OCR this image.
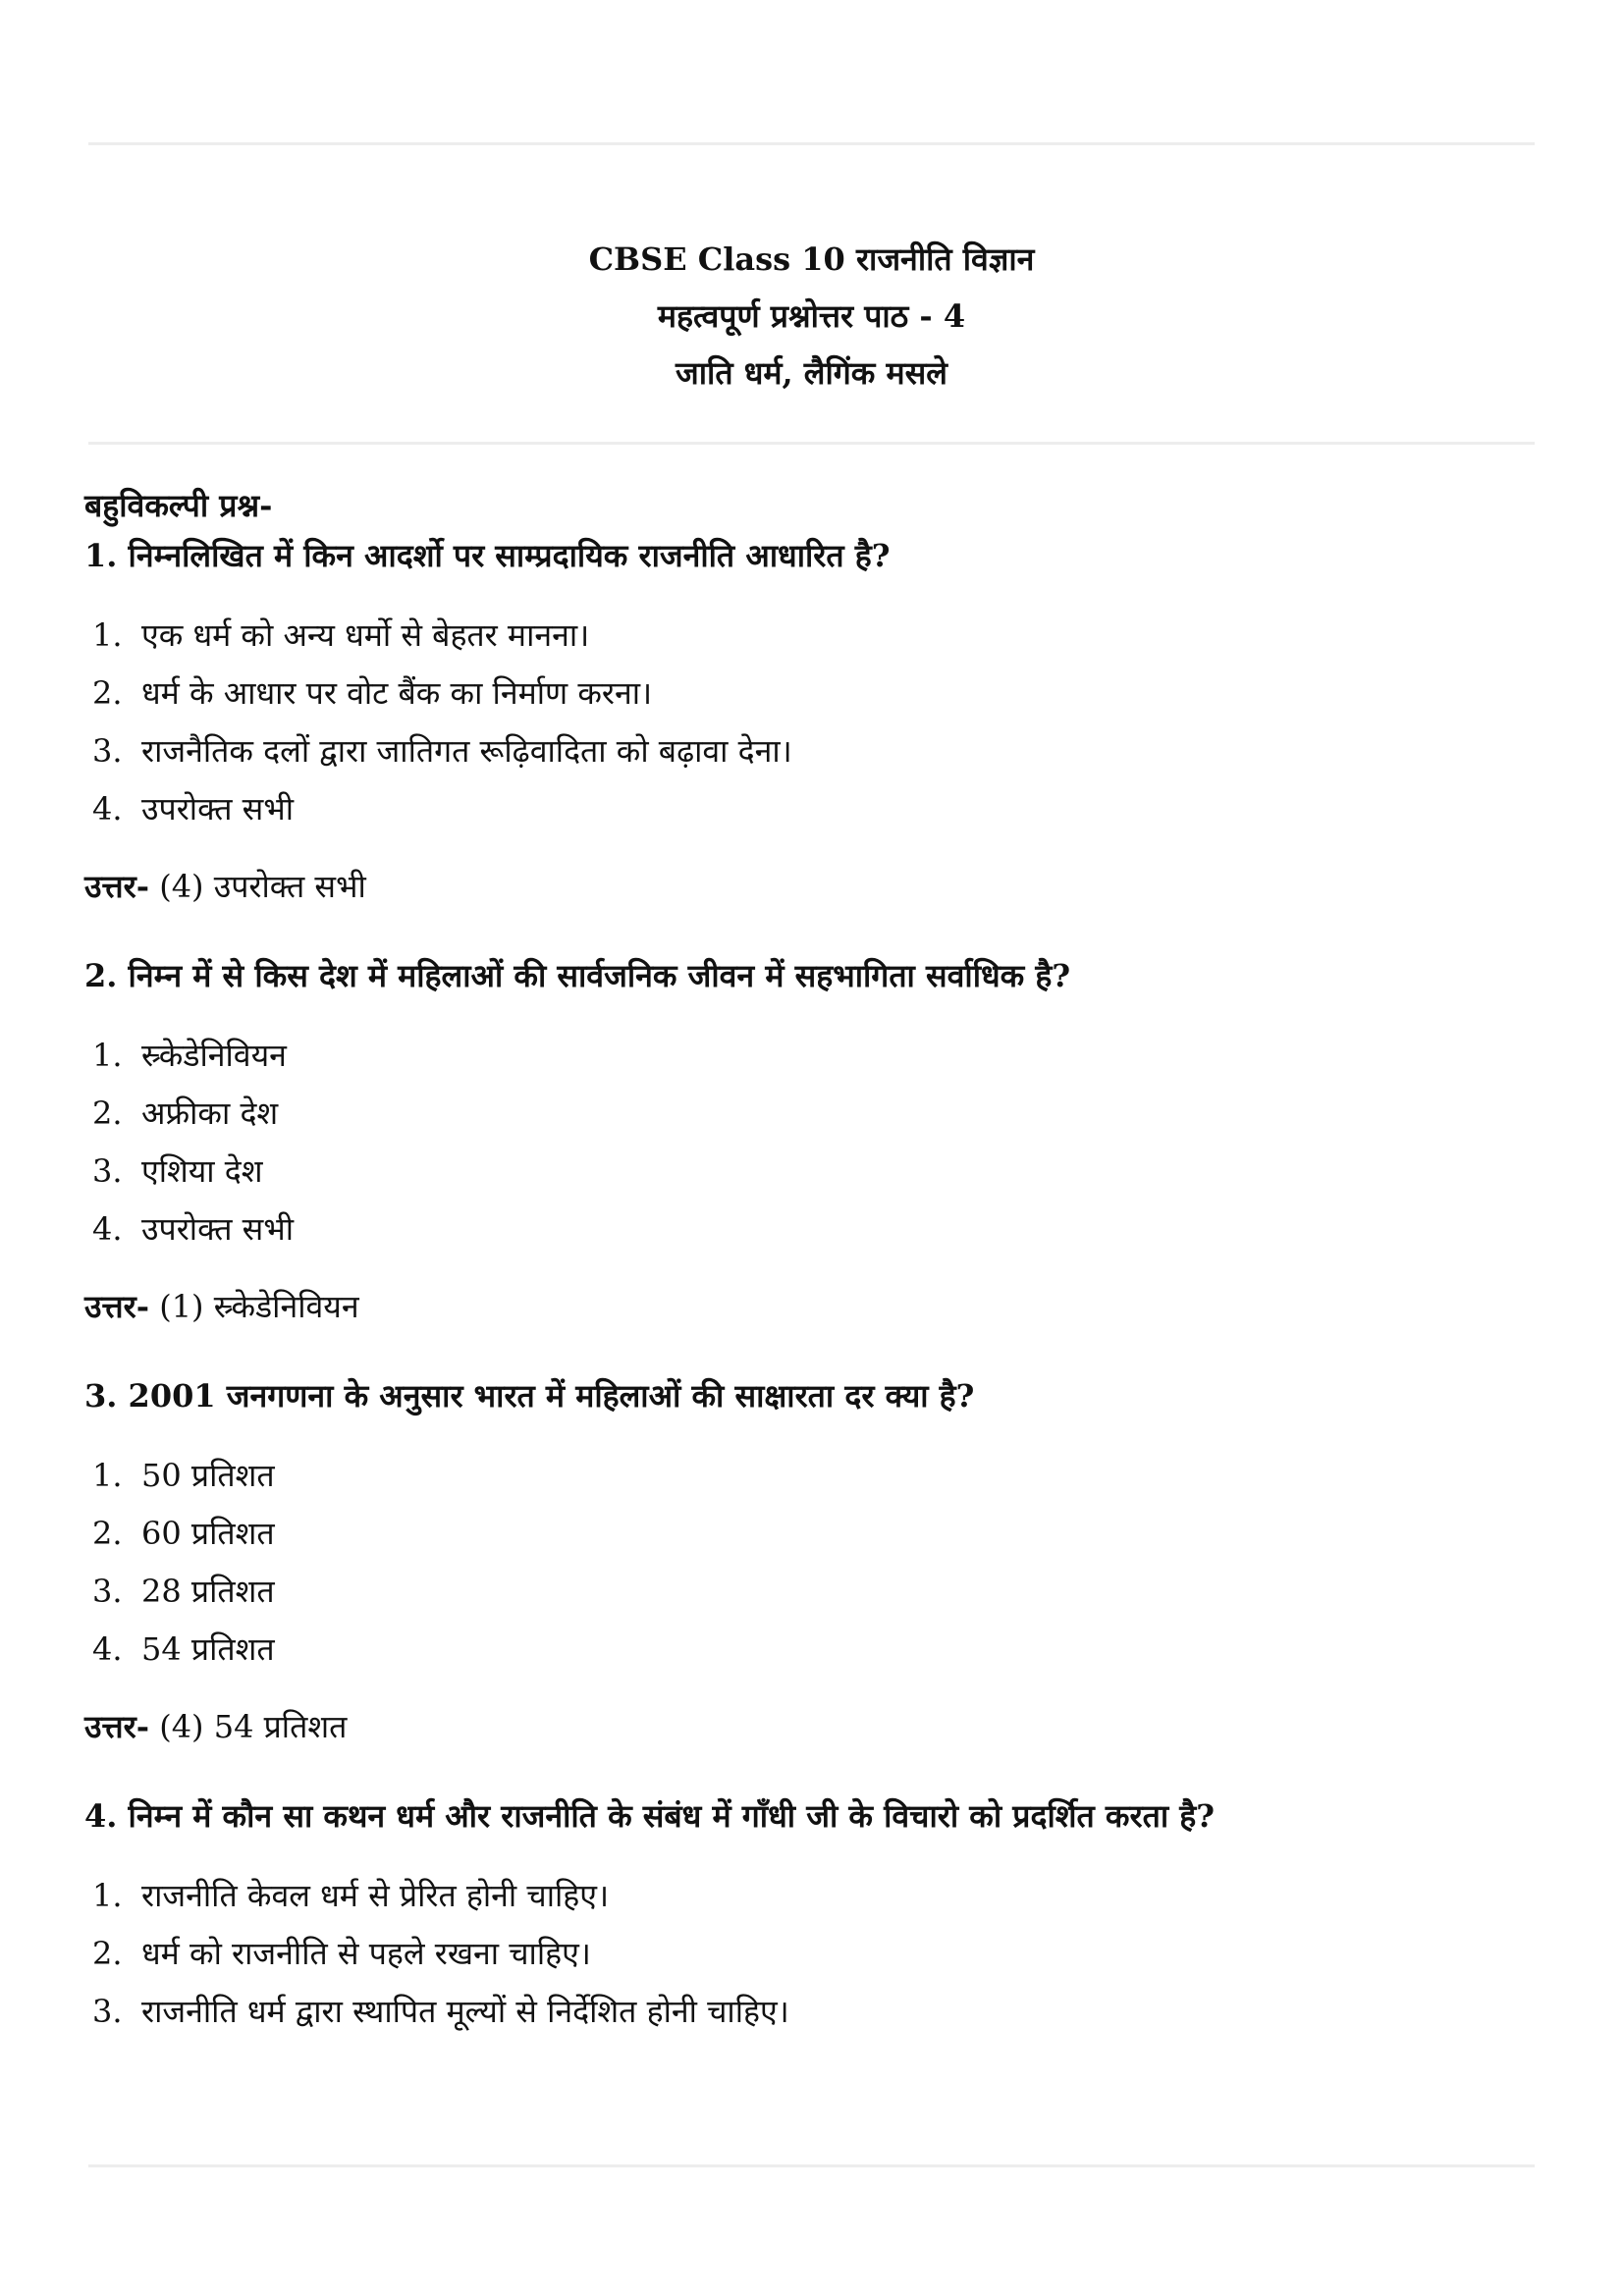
CBSE Class 10 राजनीति विज्ञान
महत्वपूर्ण प्रश्नोत्तर पाठ - 4
जाति धर्म, लैगिंक मसले
बहुविकल्पी प्रश्न-
1. निम्नलिखित में किन आदर्शो पर साम्प्रदायिक राजनीति आधारित है?
1. एक धर्म को अन्य धर्मो से बेहतर मानना।
2. धर्म के आधार पर वोट बैंक का निर्माण करना।
3. राजनैतिक दलों द्वारा जातिगत रूढ़िवादिता को बढ़ावा देना।
4. उपरोक्त सभी
उत्तर- (4) उपरोक्त सभी
2. निम्न में से किस देश में महिलाओं की सार्वजनिक जीवन में सहभागिता सर्वाधिक है?
1. स्र्केडेनिवियन
2. अफ्रीका देश
3. एशिया देश
4. उपरोक्त सभी
उत्तर- (1) स्र्केडेनिवियन
3. 2001 जनगणना के अनुसार भारत में महिलाओं की साक्षारता दर क्या है?
1. 50 प्रतिशत
2. 60 प्रतिशत
3. 28 प्रतिशत
4. 54 प्रतिशत
उत्तर- (4) 54 प्रतिशत
4. निम्न में कौन सा कथन धर्म और राजनीति के संबंध में गाँधी जी के विचारो को प्रदर्शित करता है?
1. राजनीति केवल धर्म से प्रेरित होनी चाहिए।
2. धर्म को राजनीति से पहले रखना चाहिए।
3. राजनीति धर्म द्वारा स्थापित मूल्यों से निर्देशित होनी चाहिए।
